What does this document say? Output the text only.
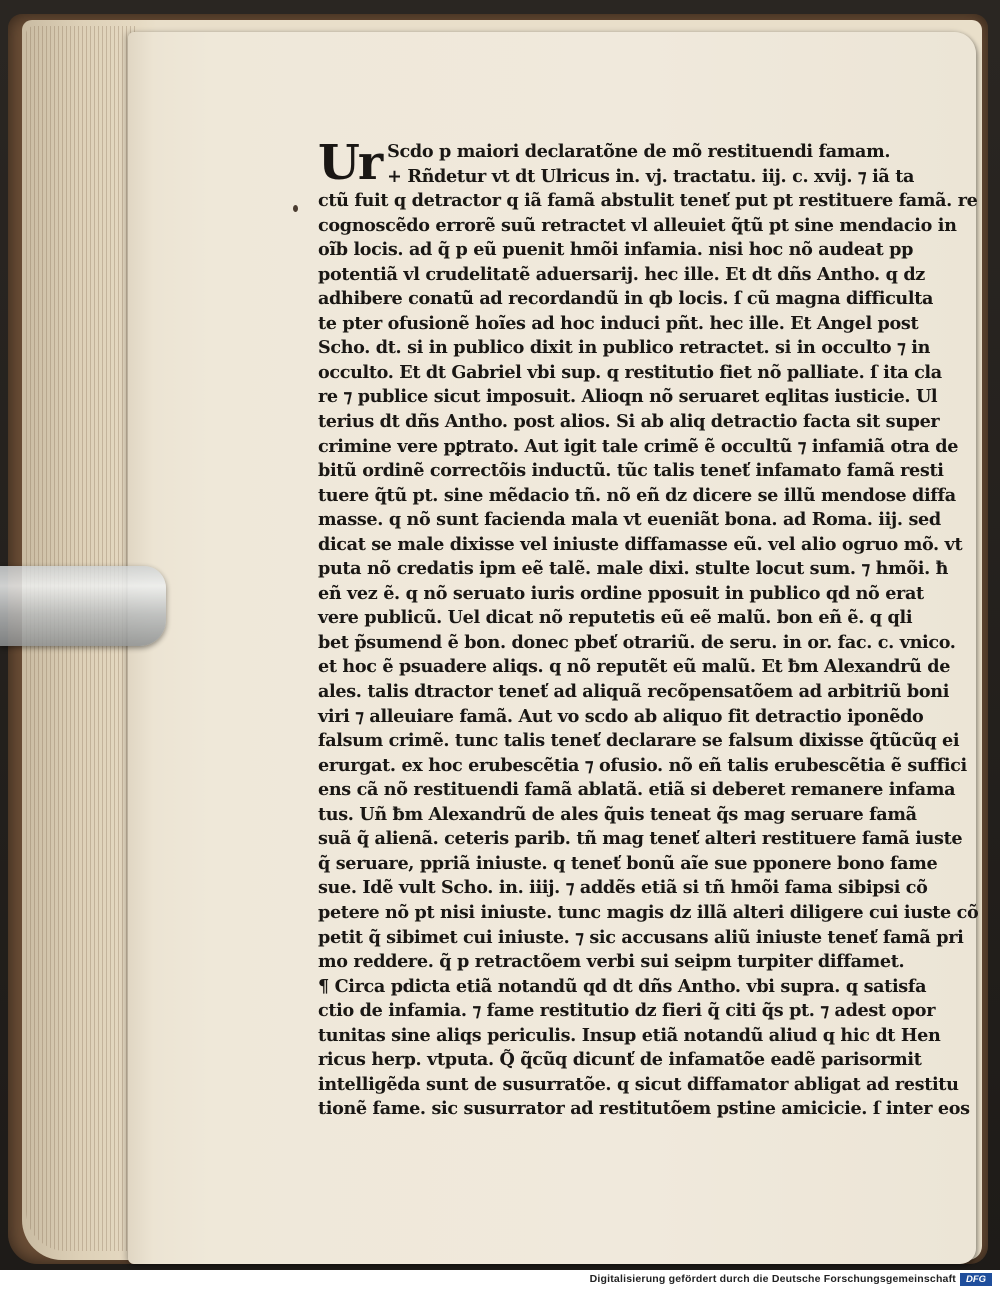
Ur Scdo p maiori declaratõne de mõ restituendi famam.
+ Rñdetur vt dt Ulricus in. vj. tractatu. iij. c. xvij. ⁊ iã ta
ctũ fuit q detractor q iã famã abstulit teneť put pt restituere famã. re
cognoscẽdo errorẽ suũ retractet vl alleuiet q̃tũ pt sine mendacio in
oĩb locis. ad q̃ p eũ puenit hmõi infamia. nisi hoc nõ audeat pp
potentiã vl crudelitatẽ aduersarij. hec ille. Et dt dñs Antho. q dz
adhibere conatũ ad recordandũ in qb locis. ſ cũ magna difficulta
te pter ofusionẽ hoĩes ad hoc induci pñt. hec ille. Et Angel post
Scho. dt. si in publico dixit in publico retractet. si in occulto ⁊ in
occulto. Et dt Gabriel vbi sup. q restitutio fiet nõ palliate. ſ ita cla
re ⁊ publice sicut imposuit. Alioqn nõ seruaret eqlitas iusticie. Ul
terius dt dñs Antho. post alios. Si ab aliq detractio facta sit super
crimine vere pꝑtrato. Aut igit tale crimẽ ẽ occultũ ⁊ infamiã otra de
bitũ ordinẽ correctõis inductũ. tũc talis teneť infamato famã resti
tuere q̃tũ pt. sine mẽdacio tñ. nõ eñ dz dicere se illũ mendose diffa
masse. q nõ sunt facienda mala vt eueniãt bona. ad Roma. iij. sed
dicat se male dixisse vel iniuste diffamasse eũ. vel alio ogruo mõ. vt
puta nõ credatis ipm eẽ talẽ. male dixi. stulte locut sum. ⁊ hmõi. ħ
eñ vez ẽ. q nõ seruato iuris ordine pposuit in publico qd nõ erat
vere publicũ. Uel dicat nõ reputetis eũ eẽ malũ. bon eñ ẽ. q qli
bet p̃sumend ẽ bon. donec pbeť otrariũ. de seru. in or. fac. c. vnico.
et hoc ẽ psuadere aliqs. q nõ reputẽt eũ malũ. Et ƀm Alexandrũ de
ales. talis dtractor teneť ad aliquã recõpensatõem ad arbitriũ boni
viri ⁊ alleuiare famã. Aut vo scdo ab aliquo fit detractio iponẽdo
falsum crimẽ. tunc talis teneť declarare se falsum dixisse q̃tũcũq ei
erurgat. ex hoc erubescẽtia ⁊ ofusio. nõ eñ talis erubescẽtia ẽ suffici
ens cã nõ restituendi famã ablatã. etiã si deberet remanere infama
tus. Uñ ƀm Alexandrũ de ales q̃uis teneat q̃s mag seruare famã
suã q̃ alienã. ceteris parib. tñ mag teneť alteri restituere famã iuste
q̃ seruare, ppriã iniuste. q teneť bonũ aĩe sue pponere bono fame
sue. Idẽ vult Scho. in. iiij. ⁊ addẽs etiã si tñ hmõi fama sibipsi cõ
petere nõ pt nisi iniuste. tunc magis dz illã alteri diligere cui iuste cõ
petit q̃ sibimet cui iniuste. ⁊ sic accusans aliũ iniuste teneť famã pri
mo reddere. q̃ p retractõem verbi sui seipm turpiter diffamet.
¶ Circa pdicta etiã notandũ qd dt dñs Antho. vbi supra. q satisfa
ctio de infamia. ⁊ fame restitutio dz fieri q̃ citi q̃s pt. ⁊ adest opor
tunitas sine aliqs periculis. Insup etiã notandũ aliud q hic dt Hen
ricus herp. vtputa. Q̃ q̃cũq dicunť de infamatõe eadẽ parisormit
intelligẽda sunt de susurratõe. q sicut diffamator abligat ad restitu
tionẽ fame. sic susurrator ad restitutõem pstine amicicie. ſ inter eos
Digitalisierung gefördert durch die Deutsche Forschungsgemeinschaft	DFG
